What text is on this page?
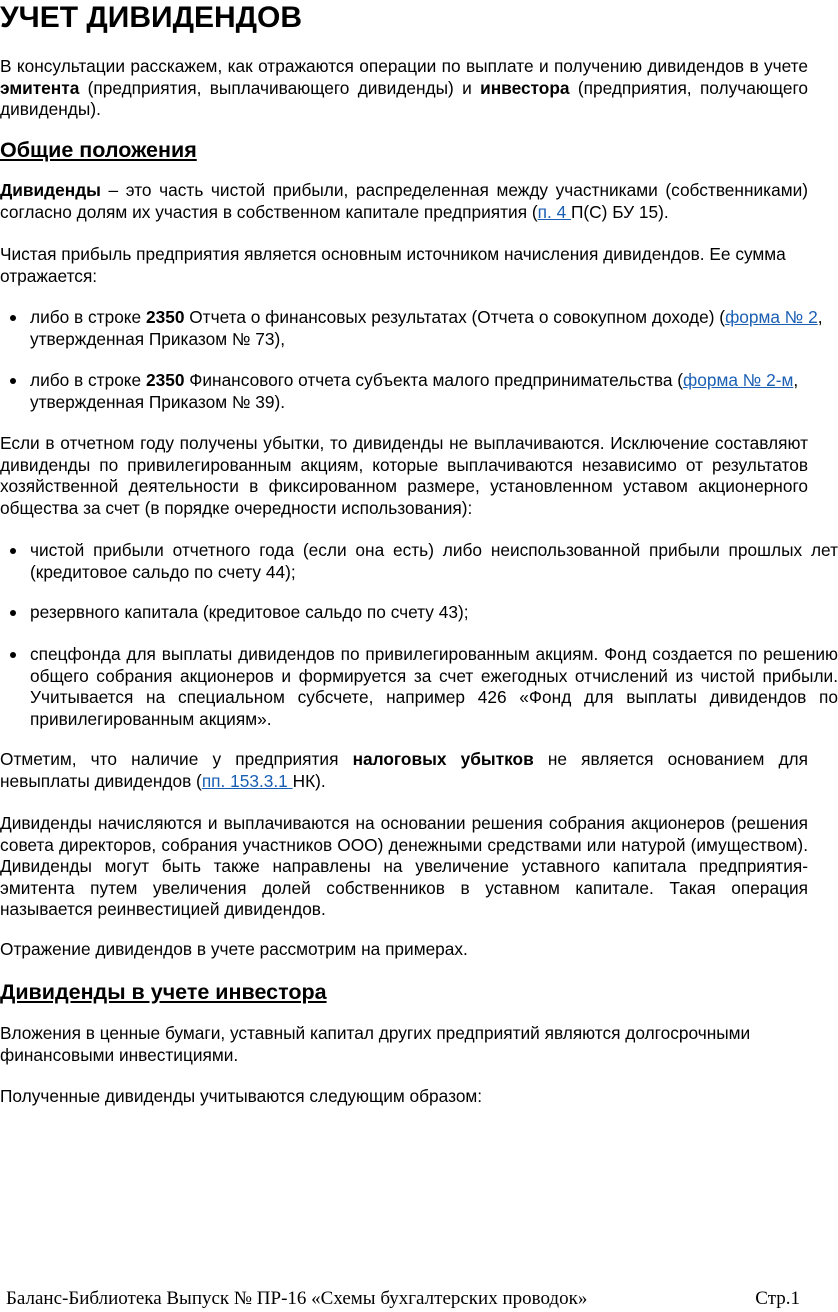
УЧЕТ ДИВИДЕНДОВ
В консультации расскажем, как отражаются операции по выплате и получению дивидендов в учете эмитента (предприятия, выплачивающего дивиденды) и инвестора (предприятия, получающего дивиденды).
Общие положения
Дивиденды – это часть чистой прибыли, распределенная между участниками (собственниками) согласно долям их участия в собственном капитале предприятия (п. 4 П(С) БУ 15).
Чистая прибыль предприятия является основным источником начисления дивидендов. Ее сумма отражается:
либо в строке 2350 Отчета о финансовых результатах (Отчета о совокупном доходе) (форма № 2, утвержденная Приказом № 73),
либо в строке 2350 Финансового отчета субъекта малого предпринимательства (форма № 2-м, утвержденная Приказом № 39).
Если в отчетном году получены убытки, то дивиденды не выплачиваются. Исключение составляют дивиденды по привилегированным акциям, которые выплачиваются независимо от результатов хозяйственной деятельности в фиксированном размере, установленном уставом акционерного общества за счет (в порядке очередности использования):
чистой прибыли отчетного года (если она есть) либо неиспользованной прибыли прошлых лет (кредитовое сальдо по счету 44);
резервного капитала (кредитовое сальдо по счету 43);
спецфонда для выплаты дивидендов по привилегированным акциям. Фонд создается по решению общего собрания акционеров и формируется за счет ежегодных отчислений из чистой прибыли. Учитывается на специальном субсчете, например 426 «Фонд для выплаты дивидендов по привилегированным акциям».
Отметим, что наличие у предприятия налоговых убытков не является основанием для невыплаты дивидендов (пп. 153.3.1 НК).
Дивиденды начисляются и выплачиваются на основании решения собрания акционеров (решения совета директоров, собрания участников ООО) денежными средствами или натурой (имуществом). Дивиденды могут быть также направлены на увеличение уставного капитала предприятия-эмитента путем увеличения долей собственников в уставном капитале. Такая операция называется реинвестицией дивидендов.
Отражение дивидендов в учете рассмотрим на примерах.
Дивиденды в учете инвестора
Вложения в ценные бумаги, уставный капитал других предприятий являются долгосрочными финансовыми инвестициями.
Полученные дивиденды учитываются следующим образом:
Баланс-Библиотека Выпуск № ПР-16 «Схемы бухгалтерских проводок»	Стр.1
